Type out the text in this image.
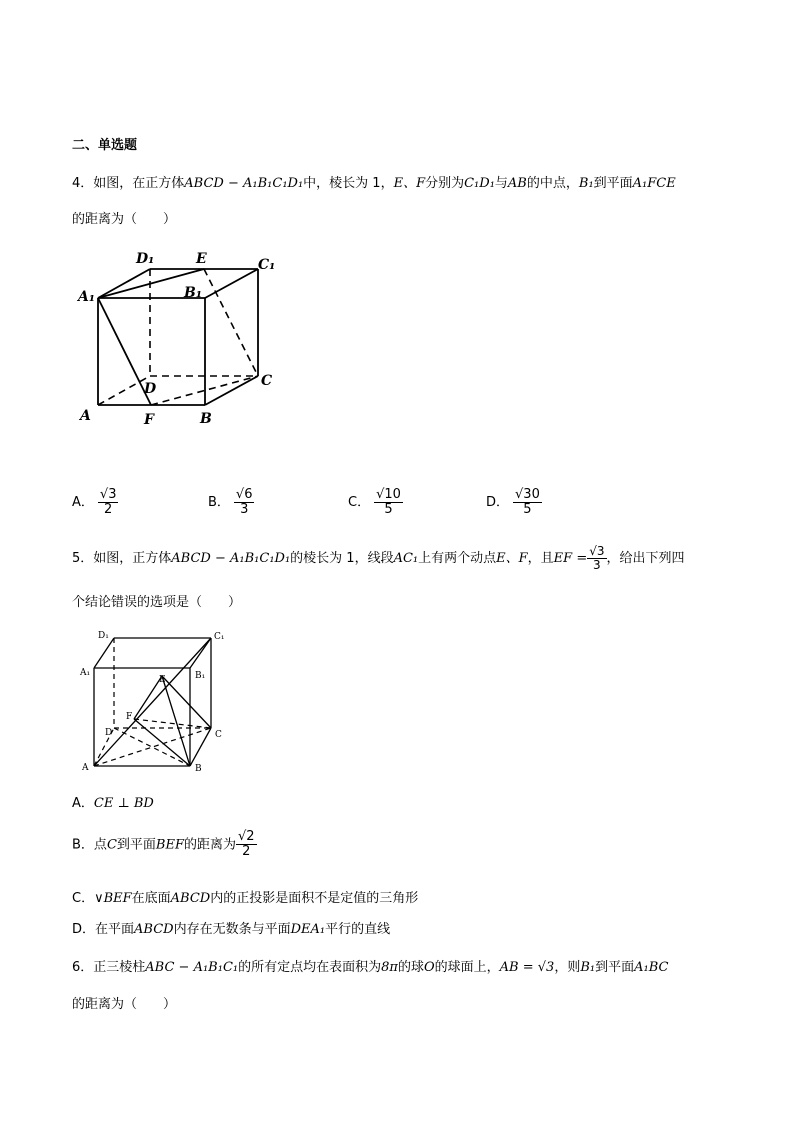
二、单选题
4．如图，在正方体ABCD − A₁B₁C₁D₁中，棱长为 1，E、F分别为C₁D₁与AB的中点，B₁到平面A₁FCE
的距离为（　　）
D₁	E	C₁
A₁	B₁
D	C
A	F	B
A． $\frac{√3}{2}$	B． $\frac{√6}{3}$	C． $\frac{√10}{5}$	D． $\frac{√30}{5}$
5．如图，正方体ABCD − A₁B₁C₁D₁的棱长为 1，线段AC₁上有两个动点E、F，且EF = $\frac{√3}{3}$ ，给出下列四
个结论错误的选项是（　　）
D₁	C₁
A₁	B₁
E
F
D	C
A	B
A．CE ⊥ BD
B．点C到平面BEF的距离为 $\frac{√2}{2}$
C．∨BEF在底面ABCD内的正投影是面积不是定值的三角形
D．在平面ABCD内存在无数条与平面DEA₁平行的直线
6．正三棱柱ABC − A₁B₁C₁的所有定点均在表面积为8π的球O的球面上，AB = √3，则B₁到平面A₁BC
的距离为（　　）
